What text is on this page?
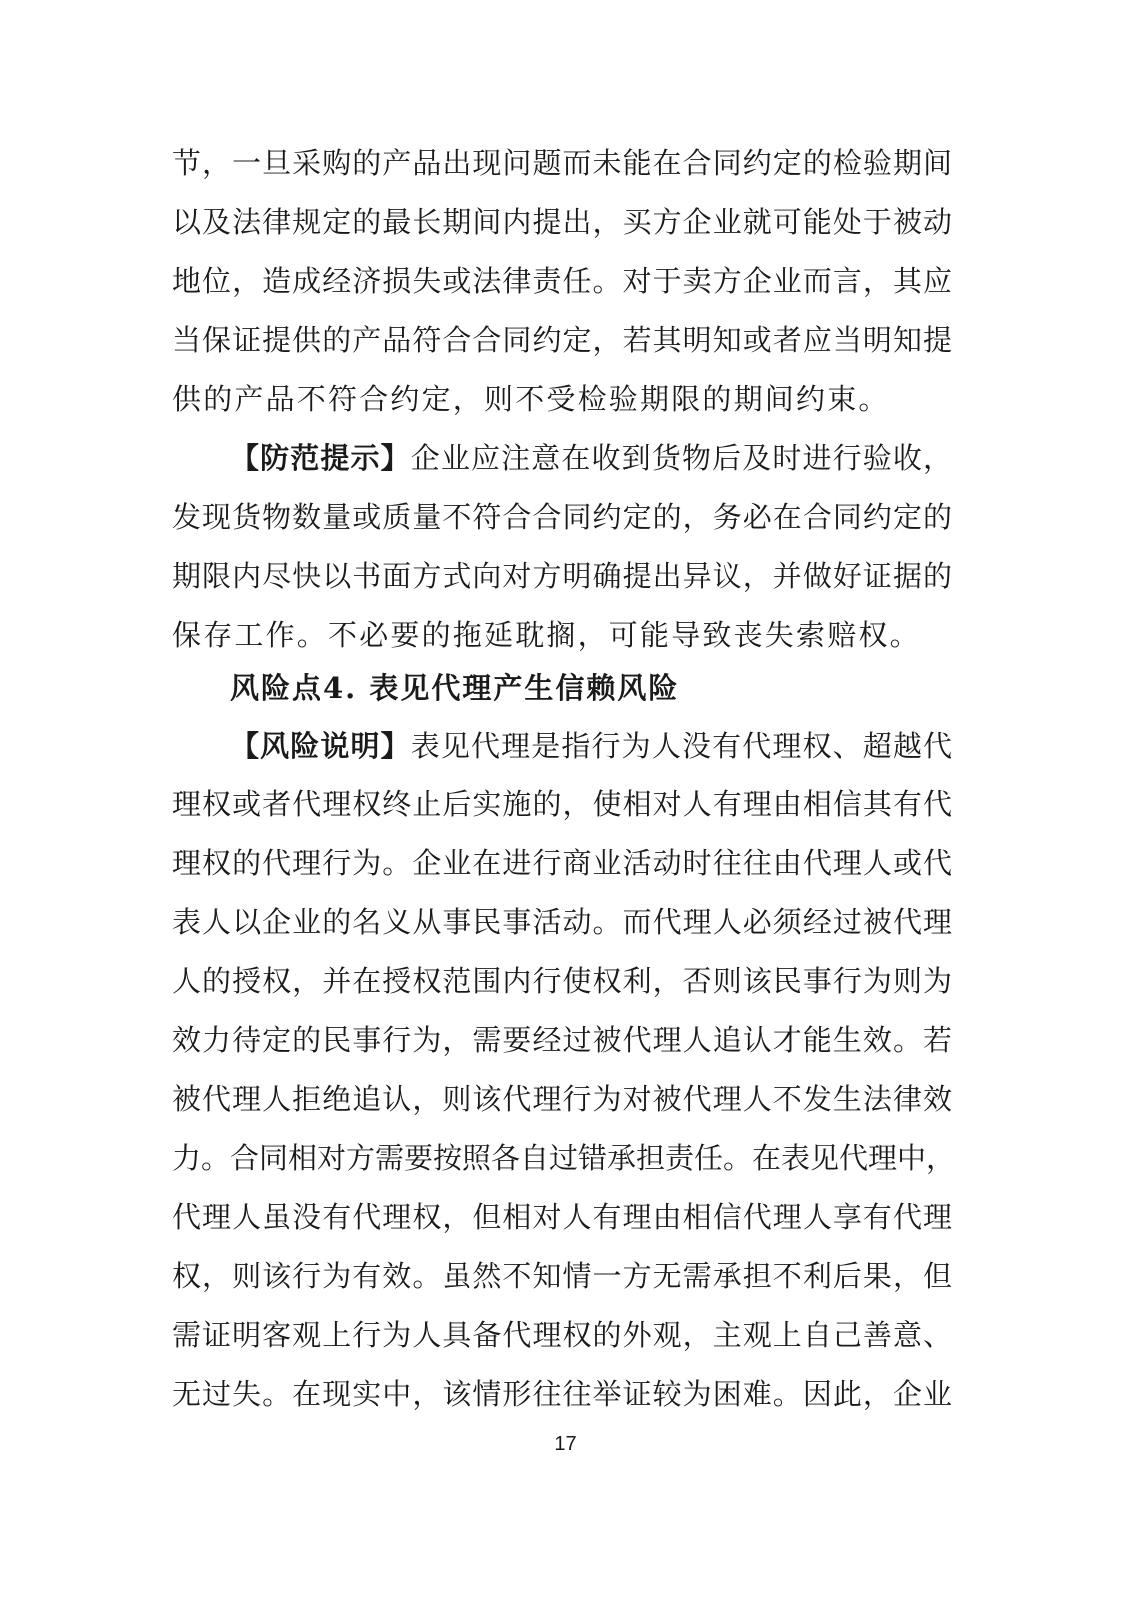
节，一旦采购的产品出现问题而未能在合同约定的检验期间
以及法律规定的最长期间内提出，买方企业就可能处于被动
地位，造成经济损失或法律责任。对于卖方企业而言，其应
当保证提供的产品符合合同约定，若其明知或者应当明知提
供的产品不符合约定，则不受检验期限的期间约束。
【防范提示】企业应注意在收到货物后及时进行验收，
发现货物数量或质量不符合合同约定的，务必在合同约定的
期限内尽快以书面方式向对方明确提出异议，并做好证据的
保存工作。不必要的拖延耽搁，可能导致丧失索赔权。
风险点4. 表见代理产生信赖风险
【风险说明】表见代理是指行为人没有代理权、超越代
理权或者代理权终止后实施的，使相对人有理由相信其有代
理权的代理行为。企业在进行商业活动时往往由代理人或代
表人以企业的名义从事民事活动。而代理人必须经过被代理
人的授权，并在授权范围内行使权利，否则该民事行为则为
效力待定的民事行为，需要经过被代理人追认才能生效。若
被代理人拒绝追认，则该代理行为对被代理人不发生法律效
力。合同相对方需要按照各自过错承担责任。在表见代理中，
代理人虽没有代理权，但相对人有理由相信代理人享有代理
权，则该行为有效。虽然不知情一方无需承担不利后果，但
需证明客观上行为人具备代理权的外观，主观上自己善意、
无过失。在现实中，该情形往往举证较为困难。因此，企业
17
